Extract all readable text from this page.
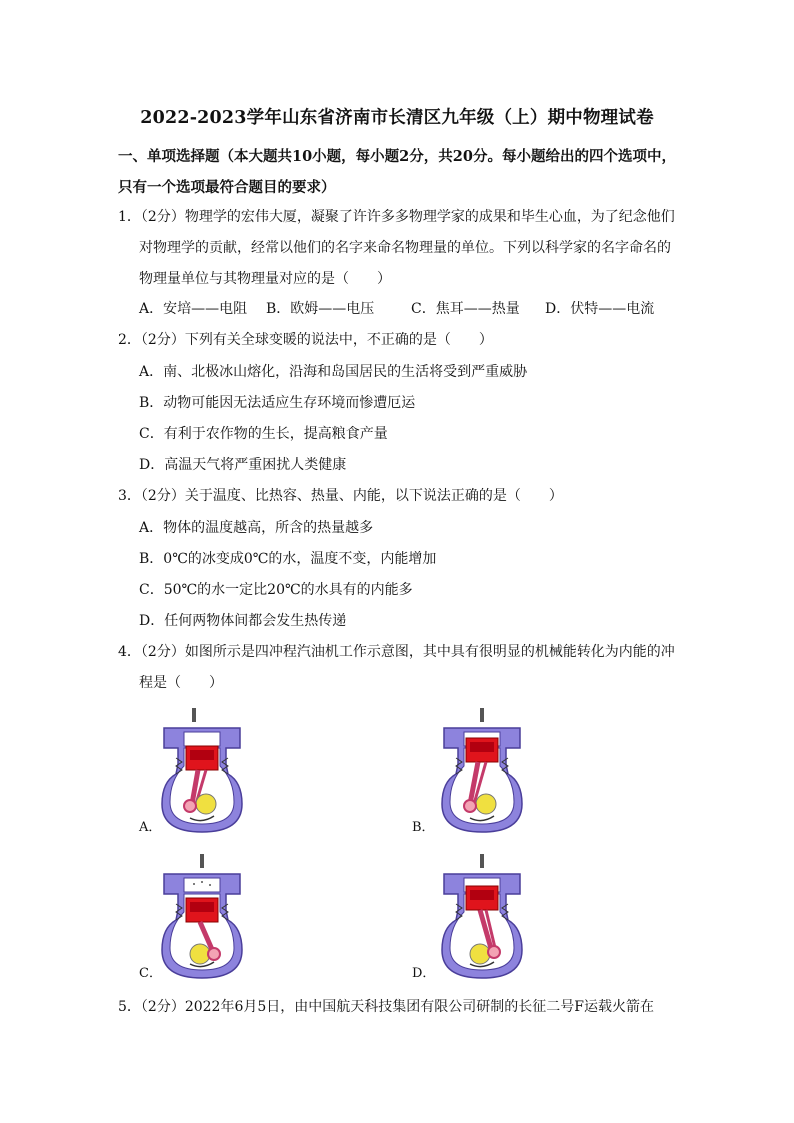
2022-2023学年山东省济南市长清区九年级（上）期中物理试卷
一、单项选择题（本大题共10小题，每小题2分，共20分。每小题给出的四个选项中，
只有一个选项最符合题目的要求）
1．（2分）物理学的宏伟大厦，凝聚了许许多多物理学家的成果和毕生心血，为了纪念他们
对物理学的贡献，经常以他们的名字来命名物理量的单位。下列以科学家的名字命名的
物理量单位与其物理量对应的是（　　）
A．安培——电阻 B．欧姆——电压	C．焦耳——热量 D．伏特——电流
2．（2分）下列有关全球变暖的说法中，不正确的是（　　）
A．南、北极冰山熔化，沿海和岛国居民的生活将受到严重威胁
B．动物可能因无法适应生存环境而惨遭厄运
C．有利于农作物的生长，提高粮食产量
D．高温天气将严重困扰人类健康
3．（2分）关于温度、比热容、热量、内能，以下说法正确的是（　　）
A．物体的温度越高，所含的热量越多
B．0℃的冰变成0℃的水，温度不变，内能增加
C．50℃的水一定比20℃的水具有的内能多
D．任何两物体间都会发生热传递
4．（2分）如图所示是四冲程汽油机工作示意图，其中具有很明显的机械能转化为内能的冲
程是（　　）
A．	B．
C．	D．
5．（2分）2022年6月5日，由中国航天科技集团有限公司研制的长征二号F运载火箭在
